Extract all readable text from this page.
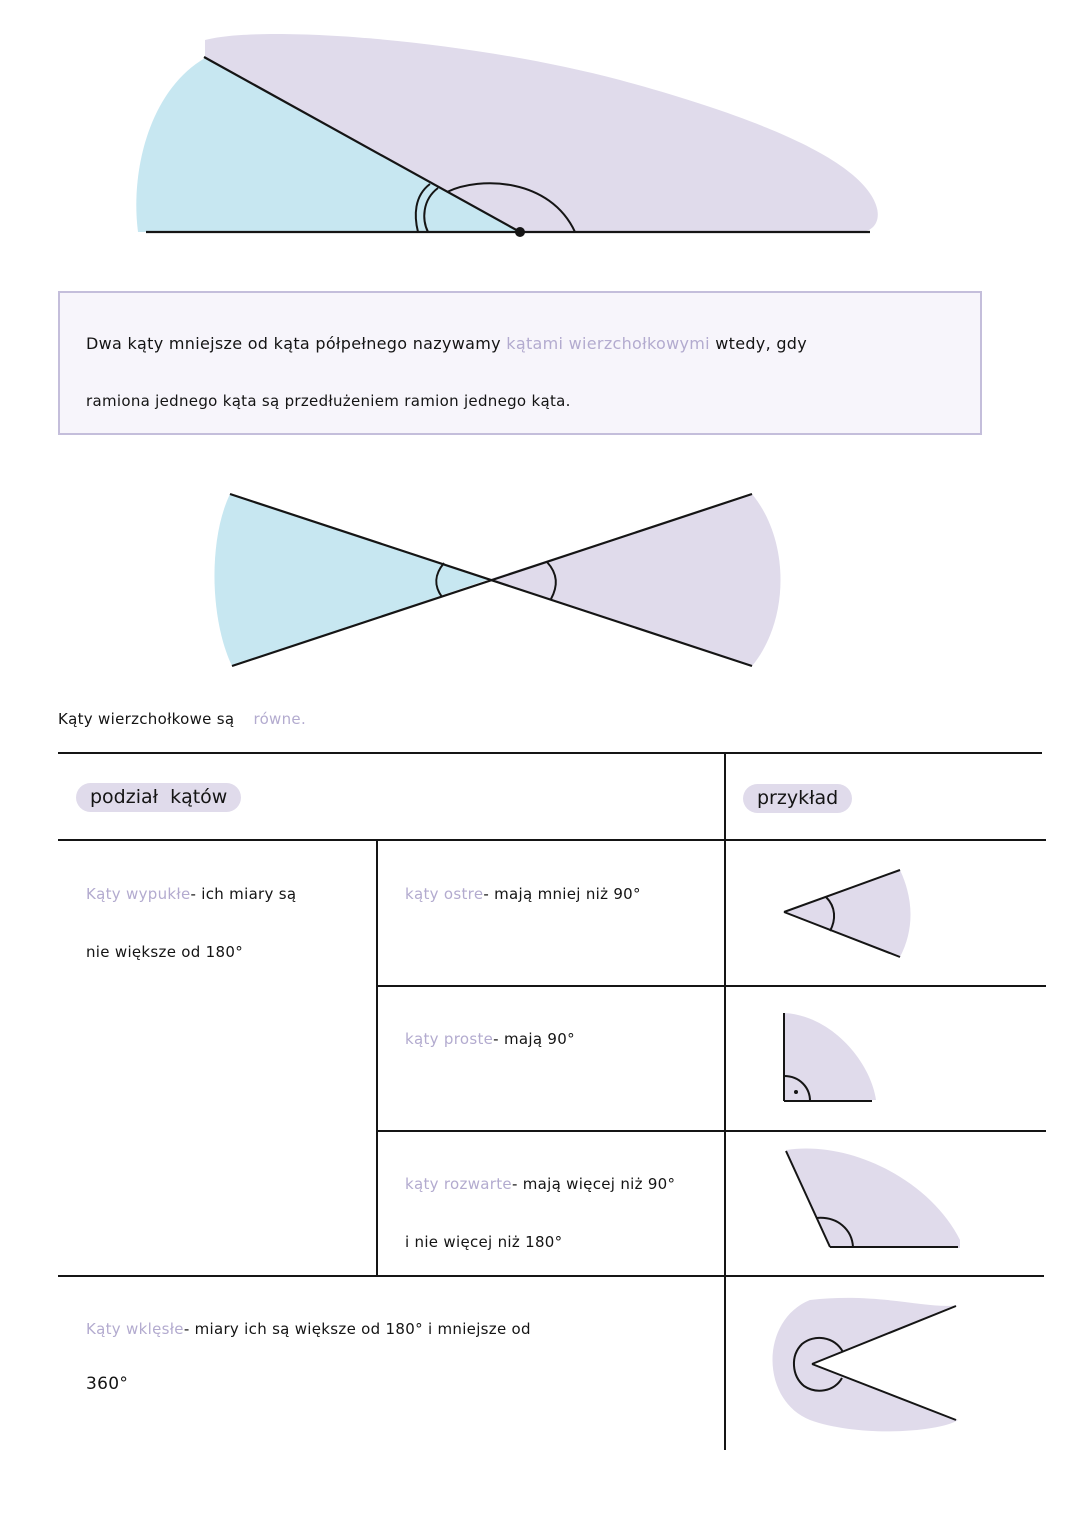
Dwa kąty mniejsze od kąta półpełnego nazywamy kątami wierzchołkowymi wtedy, gdy
ramiona jednego kąta są przedłużeniem ramion jednego kąta.
Kąty wierzchołkowe są równe.
podział kątów	przykład
Kąty wypukłe- ich miary są
nie większe od 180°
kąty ostre- mają mniej niż 90°
kąty proste- mają 90°
kąty rozwarte- mają więcej niż 90°
i nie więcej niż 180°
Kąty wklęsłe- miary ich są większe od 180° i mniejsze od
360°
